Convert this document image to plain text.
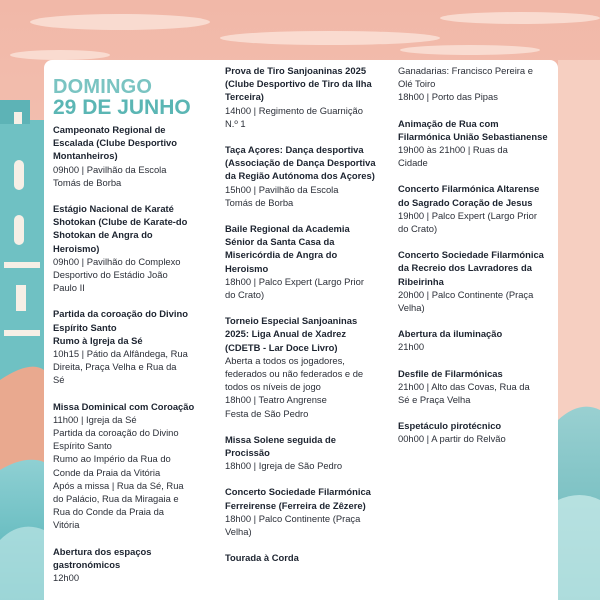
DOMINGO
29 DE JUNHO
Campeonato Regional de
Escalada (Clube Desportivo
Montanheiros)
09h00 | Pavilhão da Escola
Tomás de Borba
Estágio Nacional de Karaté
Shotokan (Clube de Karate-do
Shotokan de Angra do
Heroismo)
09h00 | Pavilhão do Complexo
Desportivo do Estádio João
Paulo II
Partida da coroação do Divino
Espírito Santo
Rumo à Igreja da Sé
10h15 | Pátio da Alfândega, Rua
Direita, Praça Velha e Rua da
Sé
Missa Dominical com Coroação
11h00 | Igreja da Sé
Partida da coroação do Divino
Espírito Santo
Rumo ao Império da Rua do
Conde da Praia da Vitória
Após a missa | Rua da Sé, Rua
do Palácio, Rua da Miragaia e
Rua do Conde da Praia da
Vitória
Abertura dos espaços
gastronómicos
12h00
Prova de Tiro Sanjoaninas 2025
(Clube Desportivo de Tiro da Ilha
Terceira)
14h00 | Regimento de Guarnição
N.º 1
Taça Açores: Dança desportiva
(Associação de Dança Desportiva
da Região Autónoma dos Açores)
15h00 | Pavilhão da Escola
Tomás de Borba
Baile Regional da Academia
Sénior da Santa Casa da
Misericórdia de Angra do
Heroismo
18h00 | Palco Expert (Largo Prior
do Crato)
Torneio Especial Sanjoaninas
2025: Liga Anual de Xadrez
(CDETB - Lar Doce Livro)
Aberta a todos os jogadores,
federados ou não federados e de
todos os níveis de jogo
18h00 | Teatro Angrense
Festa de São Pedro
Missa Solene seguida de
Procissão
18h00 | Igreja de São Pedro
Concerto Sociedade Filarmónica
Ferreirense (Ferreira de Zêzere)
18h00 | Palco Continente (Praça
Velha)
Tourada à Corda
Ganadarias: Francisco Pereira e
Olé Toiro
18h00 | Porto das Pipas
Animação de Rua com
Filarmónica União Sebastianense
19h00 às 21h00 | Ruas da
Cidade
Concerto Filarmónica Altarense
do Sagrado Coração de Jesus
19h00 | Palco Expert (Largo Prior
do Crato)
Concerto Sociedade Filarmónica
da Recreio dos Lavradores da
Ribeirinha
20h00 | Palco Continente (Praça
Velha)
Abertura da iluminação
21h00
Desfile de Filarmónicas
21h00 | Alto das Covas, Rua da
Sé e Praça Velha
Espetáculo pirotécnico
00h00 | A partir do Relvão
